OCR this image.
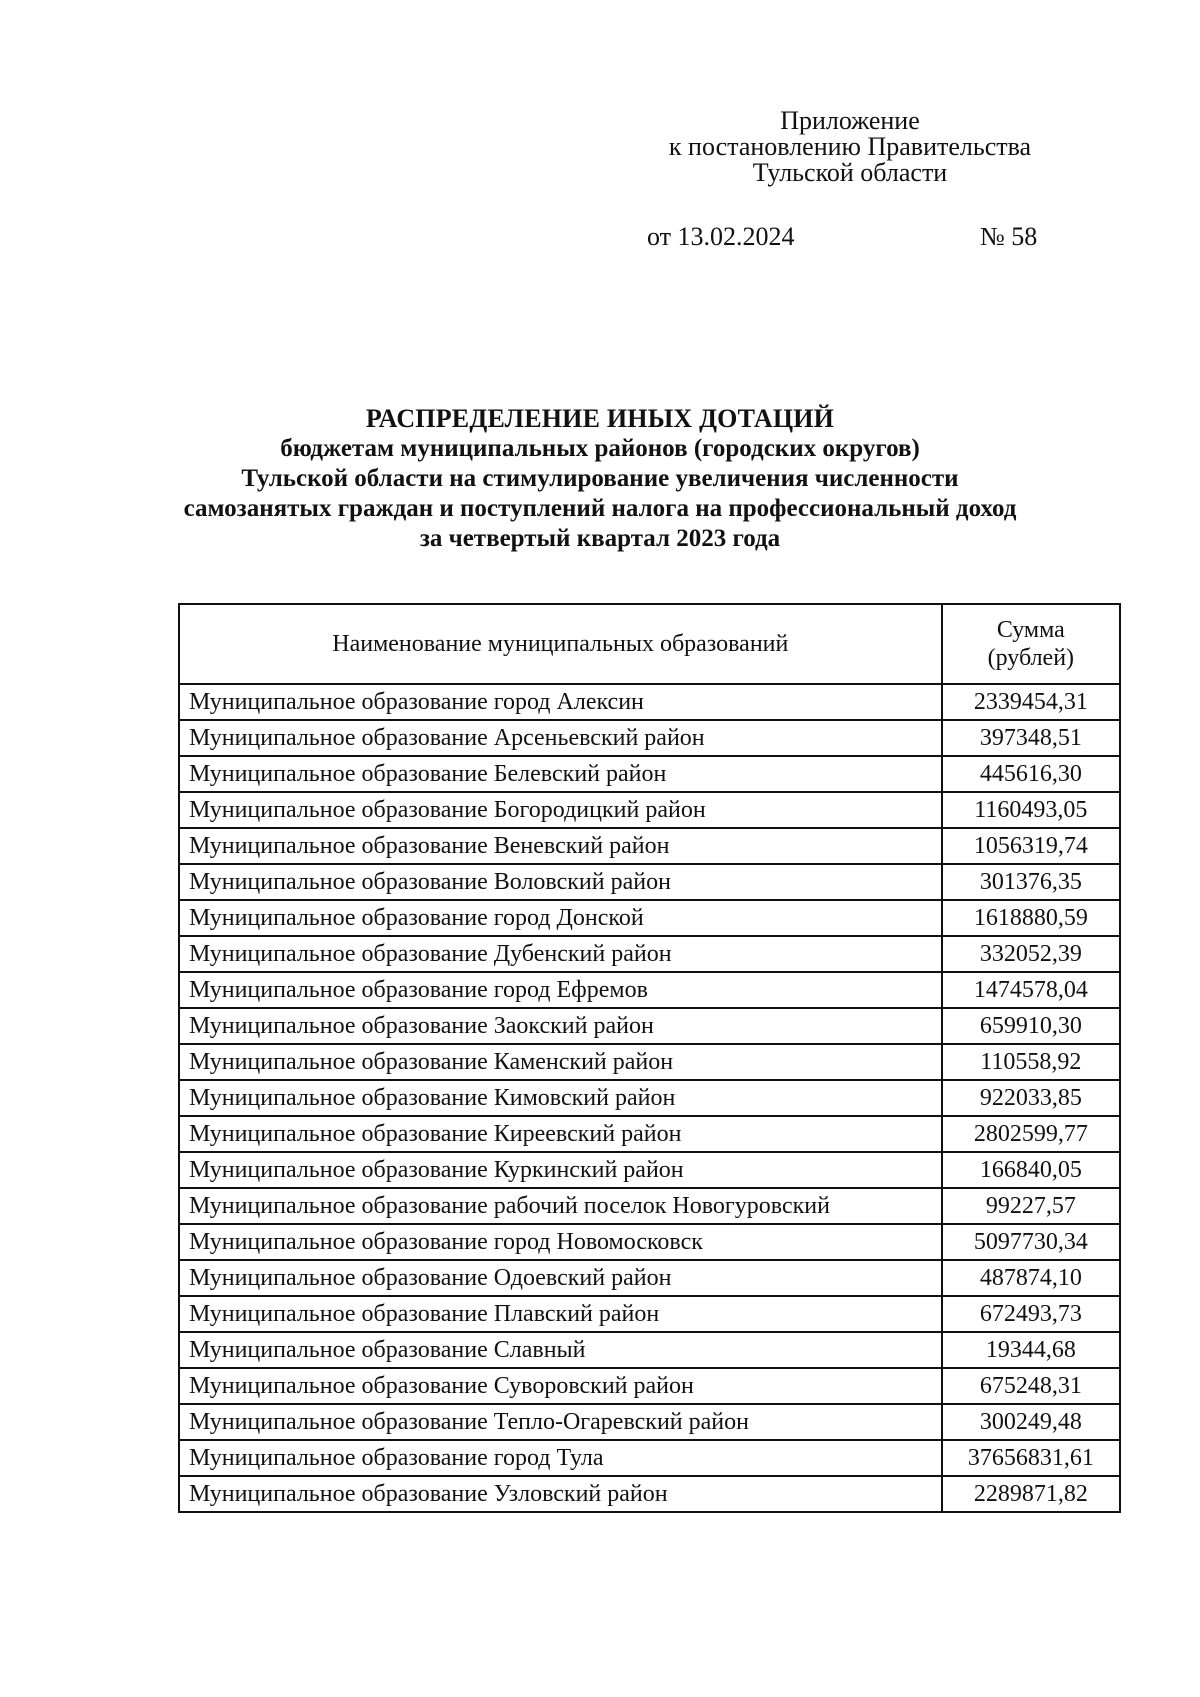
Приложение
к постановлению Правительства
Тульской области
от 13.02.2024	№ 58
РАСПРЕДЕЛЕНИЕ ИНЫХ ДОТАЦИЙ
бюджетам муниципальных районов (городских округов)
Тульской области на стимулирование увеличения численности
самозанятых граждан и поступлений налога на профессиональный доход
за четвертый квартал 2023 года
Наименование муниципальных образований	Сумма
(рублей)

Муниципальное образование город Алексин	2339454,31
Муниципальное образование Арсеньевский район	397348,51
Муниципальное образование Белевский район	445616,30
Муниципальное образование Богородицкий район	1160493,05
Муниципальное образование Веневский район	1056319,74
Муниципальное образование Воловский район	301376,35
Муниципальное образование город Донской	1618880,59
Муниципальное образование Дубенский район	332052,39
Муниципальное образование город Ефремов	1474578,04
Муниципальное образование Заокский район	659910,30
Муниципальное образование Каменский район	110558,92
Муниципальное образование Кимовский район	922033,85
Муниципальное образование Киреевский район	2802599,77
Муниципальное образование Куркинский район	166840,05
Муниципальное образование рабочий поселок Новогуровский	99227,57
Муниципальное образование город Новомосковск	5097730,34
Муниципальное образование Одоевский район	487874,10
Муниципальное образование Плавский район	672493,73
Муниципальное образование Славный	19344,68
Муниципальное образование Суворовский район	675248,31
Муниципальное образование Тепло-Огаревский район	300249,48
Муниципальное образование город Тула	37656831,61
Муниципальное образование Узловский район	2289871,82
